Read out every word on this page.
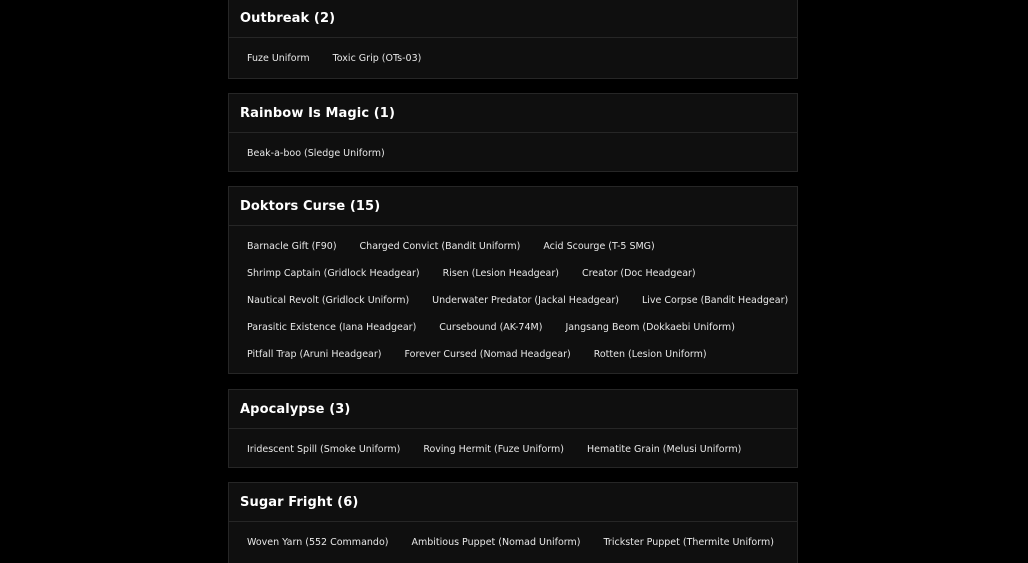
Outbreak (2)
Fuze Uniform	Toxic Grip (OTs-03)
Rainbow Is Magic (1)
Beak-a-boo (Sledge Uniform)
Doktors Curse (15)
Barnacle Gift (F90)	Charged Convict (Bandit Uniform)	Acid Scourge (T-5 SMG)
Shrimp Captain (Gridlock Headgear)	Risen (Lesion Headgear)	Creator (Doc Headgear)
Nautical Revolt (Gridlock Uniform)	Underwater Predator (Jackal Headgear)	Live Corpse (Bandit Headgear)
Parasitic Existence (Iana Headgear)	Cursebound (AK-74M)	Jangsang Beom (Dokkaebi Uniform)
Pitfall Trap (Aruni Headgear)	Forever Cursed (Nomad Headgear)	Rotten (Lesion Uniform)
Apocalypse (3)
Iridescent Spill (Smoke Uniform)	Roving Hermit (Fuze Uniform)	Hematite Grain (Melusi Uniform)
Sugar Fright (6)
Woven Yarn (552 Commando)	Ambitious Puppet (Nomad Uniform)	Trickster Puppet (Thermite Uniform)
